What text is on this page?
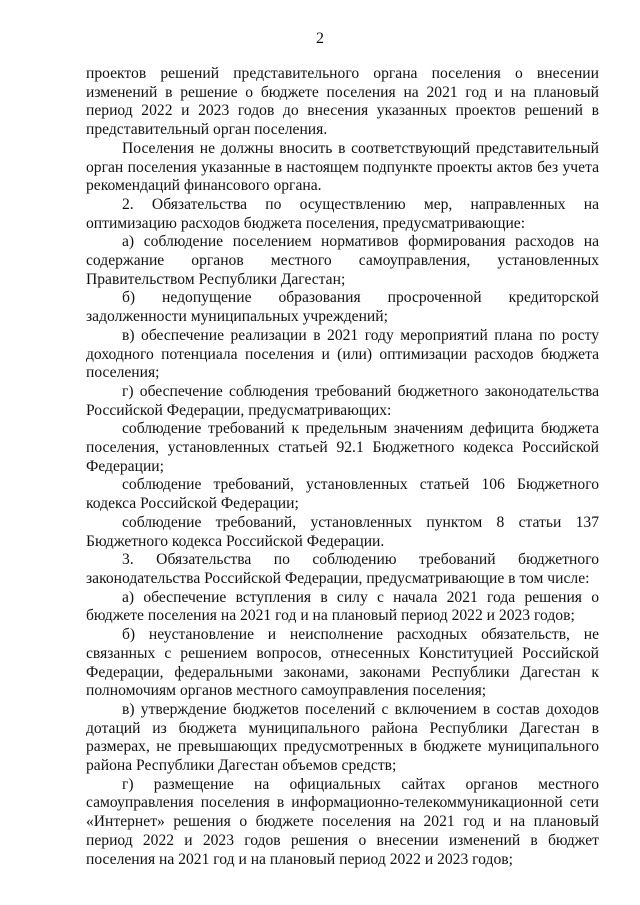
2

проектов решений представительного органа поселения о внесении изменений в решение о бюджете поселения на 2021 год и на плановый период 2022 и 2023 годов до внесения указанных проектов решений в представительный орган поселения.

Поселения не должны вносить в соответствующий представительный орган поселения указанные в настоящем подпункте проекты актов без учета рекомендаций финансового органа.

2. Обязательства по осуществлению мер, направленных на оптимизацию расходов бюджета поселения, предусматривающие:

а) соблюдение поселением нормативов формирования расходов на содержание органов местного самоуправления, установленных Правительством Республики Дагестан;

б) недопущение образования просроченной кредиторской задолженности муниципальных учреждений;

в) обеспечение реализации в 2021 году мероприятий плана по росту доходного потенциала поселения и (или) оптимизации расходов бюджета поселения;

г) обеспечение соблюдения требований бюджетного законодательства Российской Федерации, предусматривающих:

соблюдение требований к предельным значениям дефицита бюджета поселения, установленных статьей 92.1 Бюджетного кодекса Российской Федерации;

соблюдение требований, установленных статьей 106 Бюджетного кодекса Российской Федерации;

соблюдение требований, установленных пунктом 8 статьи 137 Бюджетного кодекса Российской Федерации.

3. Обязательства по соблюдению требований бюджетного законодательства Российской Федерации, предусматривающие в том числе:

а) обеспечение вступления в силу с начала 2021 года решения о бюджете поселения на 2021 год и на плановый период 2022 и 2023 годов;

б) неустановление и неисполнение расходных обязательств, не связанных с решением вопросов, отнесенных Конституцией Российской Федерации, федеральными законами, законами Республики Дагестан к полномочиям органов местного самоуправления поселения;

в) утверждение бюджетов поселений с включением в состав доходов дотаций из бюджета муниципального района Республики Дагестан в размерах, не превышающих предусмотренных в бюджете муниципального района Республики Дагестан объемов средств;

г) размещение на официальных сайтах органов местного самоуправления поселения в информационно-телекоммуникационной сети «Интернет» решения о бюджете поселения на 2021 год и на плановый период 2022 и 2023 годов решения о внесении изменений в бюджет поселения на 2021 год и на плановый период 2022 и 2023 годов;
